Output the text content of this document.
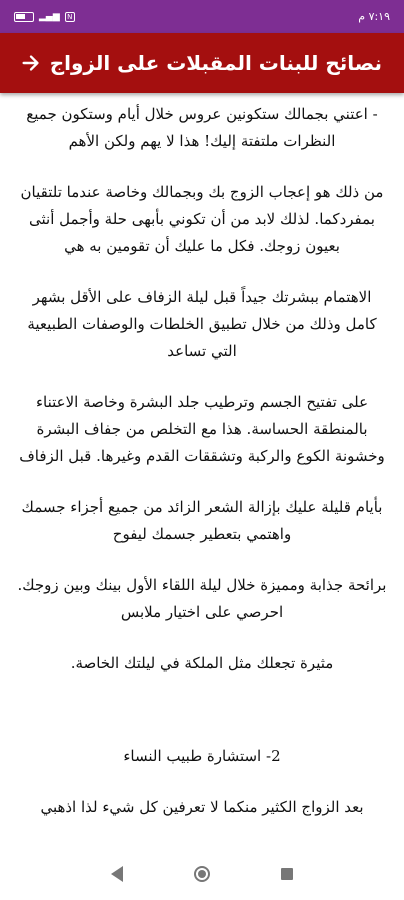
▂▄▆	N	٧:١٩ م
نصائح للبنات المقبلات على الزواج

- اعتني بجمالك ستكونين عروس خلال أيام وستكون جميع النظرات ملتفتة إليك! هذا لا يهم ولكن الأهم

من ذلك هو إعجاب الزوج بك وبجمالك وخاصة عندما تلتقيان بمفردكما. لذلك لابد من أن تكوني بأبهى حلة وأجمل أنثى بعيون زوجك. فكل ما عليك أن تقومين به هي

الاهتمام ببشرتك جيداً قبل ليلة الزفاف على الأقل بشهر كامل وذلك من خلال تطبيق الخلطات والوصفات الطبيعية التي تساعد

على تفتيح الجسم وترطيب جلد البشرة وخاصة الاعتناء بالمنطقة الحساسة. هذا مع التخلص من جفاف البشرة وخشونة الكوع والركبة وتشققات القدم وغيرها. قبل الزفاف

بأيام قليلة عليك بإزالة الشعر الزائد من جميع أجزاء جسمك واهتمي بتعطير جسمك ليفوح

برائحة جذابة ومميزة خلال ليلة اللقاء الأول بينك وبين زوجك. احرصي على اختيار ملابس

مثيرة تجعلك مثل الملكة في ليلتك الخاصة.

2- استشارة طبيب النساء

بعد الزواج الكثير منكما لا تعرفين كل شيء لذا اذهبي
